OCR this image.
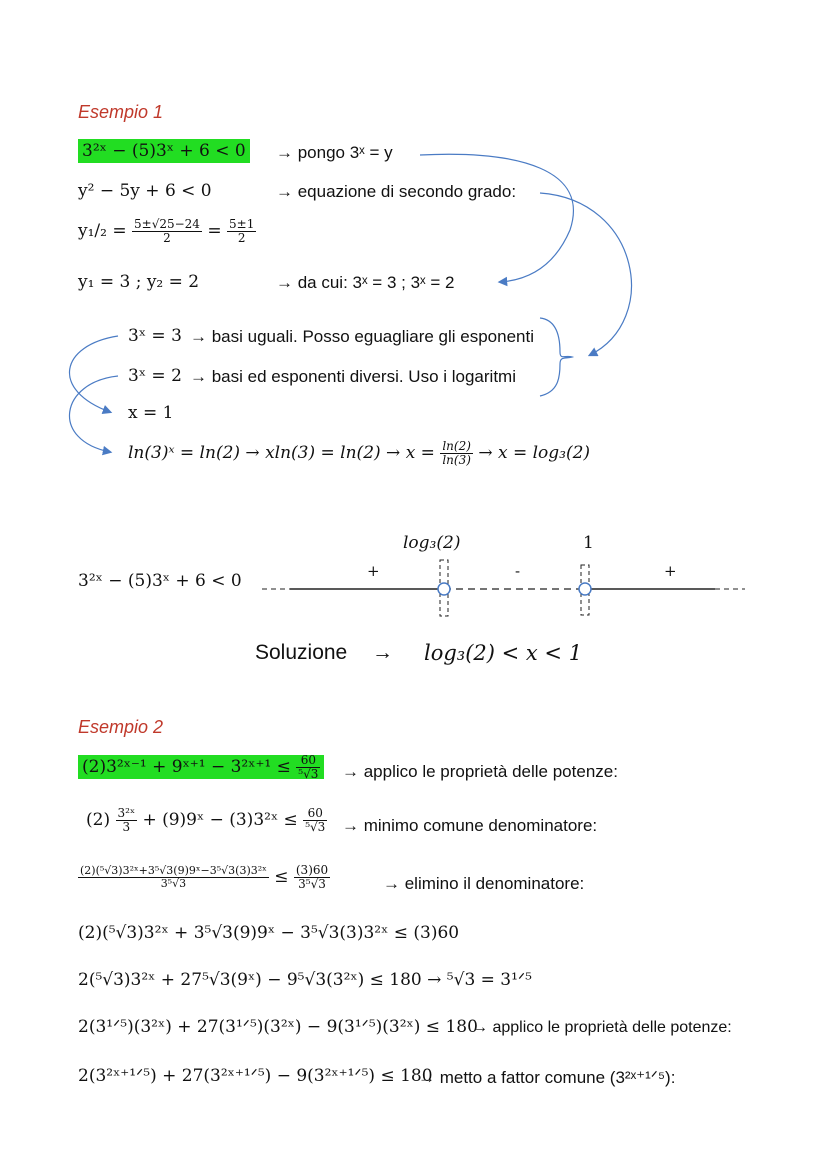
Esempio 1
3²ˣ − (5)3ˣ + 6 < 0 → pongo 3ˣ = y
y² − 5y + 6 < 0	→ equazione di secondo grado:
$y_1/_2 = \frac{5\pm√25-24}{2} = \frac{5\pm 1}{2}$
y₁ = 3 ; y₂ = 2	→ da cui: 3ˣ = 3 ; 3ˣ = 2
3ˣ = 3 → basi uguali. Posso eguagliare gli esponenti
3ˣ = 2 → basi ed esponenti diversi. Uso i logaritmi
x = 1
ln(3)ˣ = $\ln(2) \to xln(3) = \ln(2) \to x = \frac{\ln(2)}{\ln(3)} \to x = \log_3(2)$
3²ˣ − (5)3ˣ + 6 < 0
log₃(2)	1
+	-	+
Soluzione → log₃(2) < x < 1
Esempio 2
(2)3²ˣ⁻¹ + 9ˣ⁺¹ − 3²ˣ⁺¹ ≤ $\frac{60}{\text{⁵√3}}$ → applico le proprietà delle potenze:
$(2) \frac{\text{3²ˣ}}{3}$ + (9)9ˣ − (3)3²ˣ ≤ $\frac{60}{\text{⁵√3}}$ → minimo comune denominatore:
$\frac{\text{(2)(⁵√3)3²ˣ+3⁵√3(9)9ˣ−3⁵√3(3)3²ˣ}}{\text{3⁵√3}} \le \frac{(3)60}{\text{3⁵√3}}$	→ elimino il denominatore:
(2)(⁵√3)3²ˣ + 3⁵√3(9)9ˣ − 3⁵√3(3)3²ˣ ≤ (3)60
2(⁵√3)3²ˣ + 27⁵√3(9ˣ) − 9⁵√3(3²ˣ) ≤ 180 → ⁵√3 = 3¹ᐟ⁵
2(3¹ᐟ⁵)(3²ˣ) + 27(3¹ᐟ⁵)(3²ˣ) − 9(3¹ᐟ⁵)(3²ˣ) ≤ 180
→ applico le proprietà delle potenze:
2(3²ˣ⁺¹ᐟ⁵) + 27(3²ˣ⁺¹ᐟ⁵) − 9(3²ˣ⁺¹ᐟ⁵) ≤ 180
→ metto a fattor comune (3²ˣ⁺¹ᐟ⁵):
